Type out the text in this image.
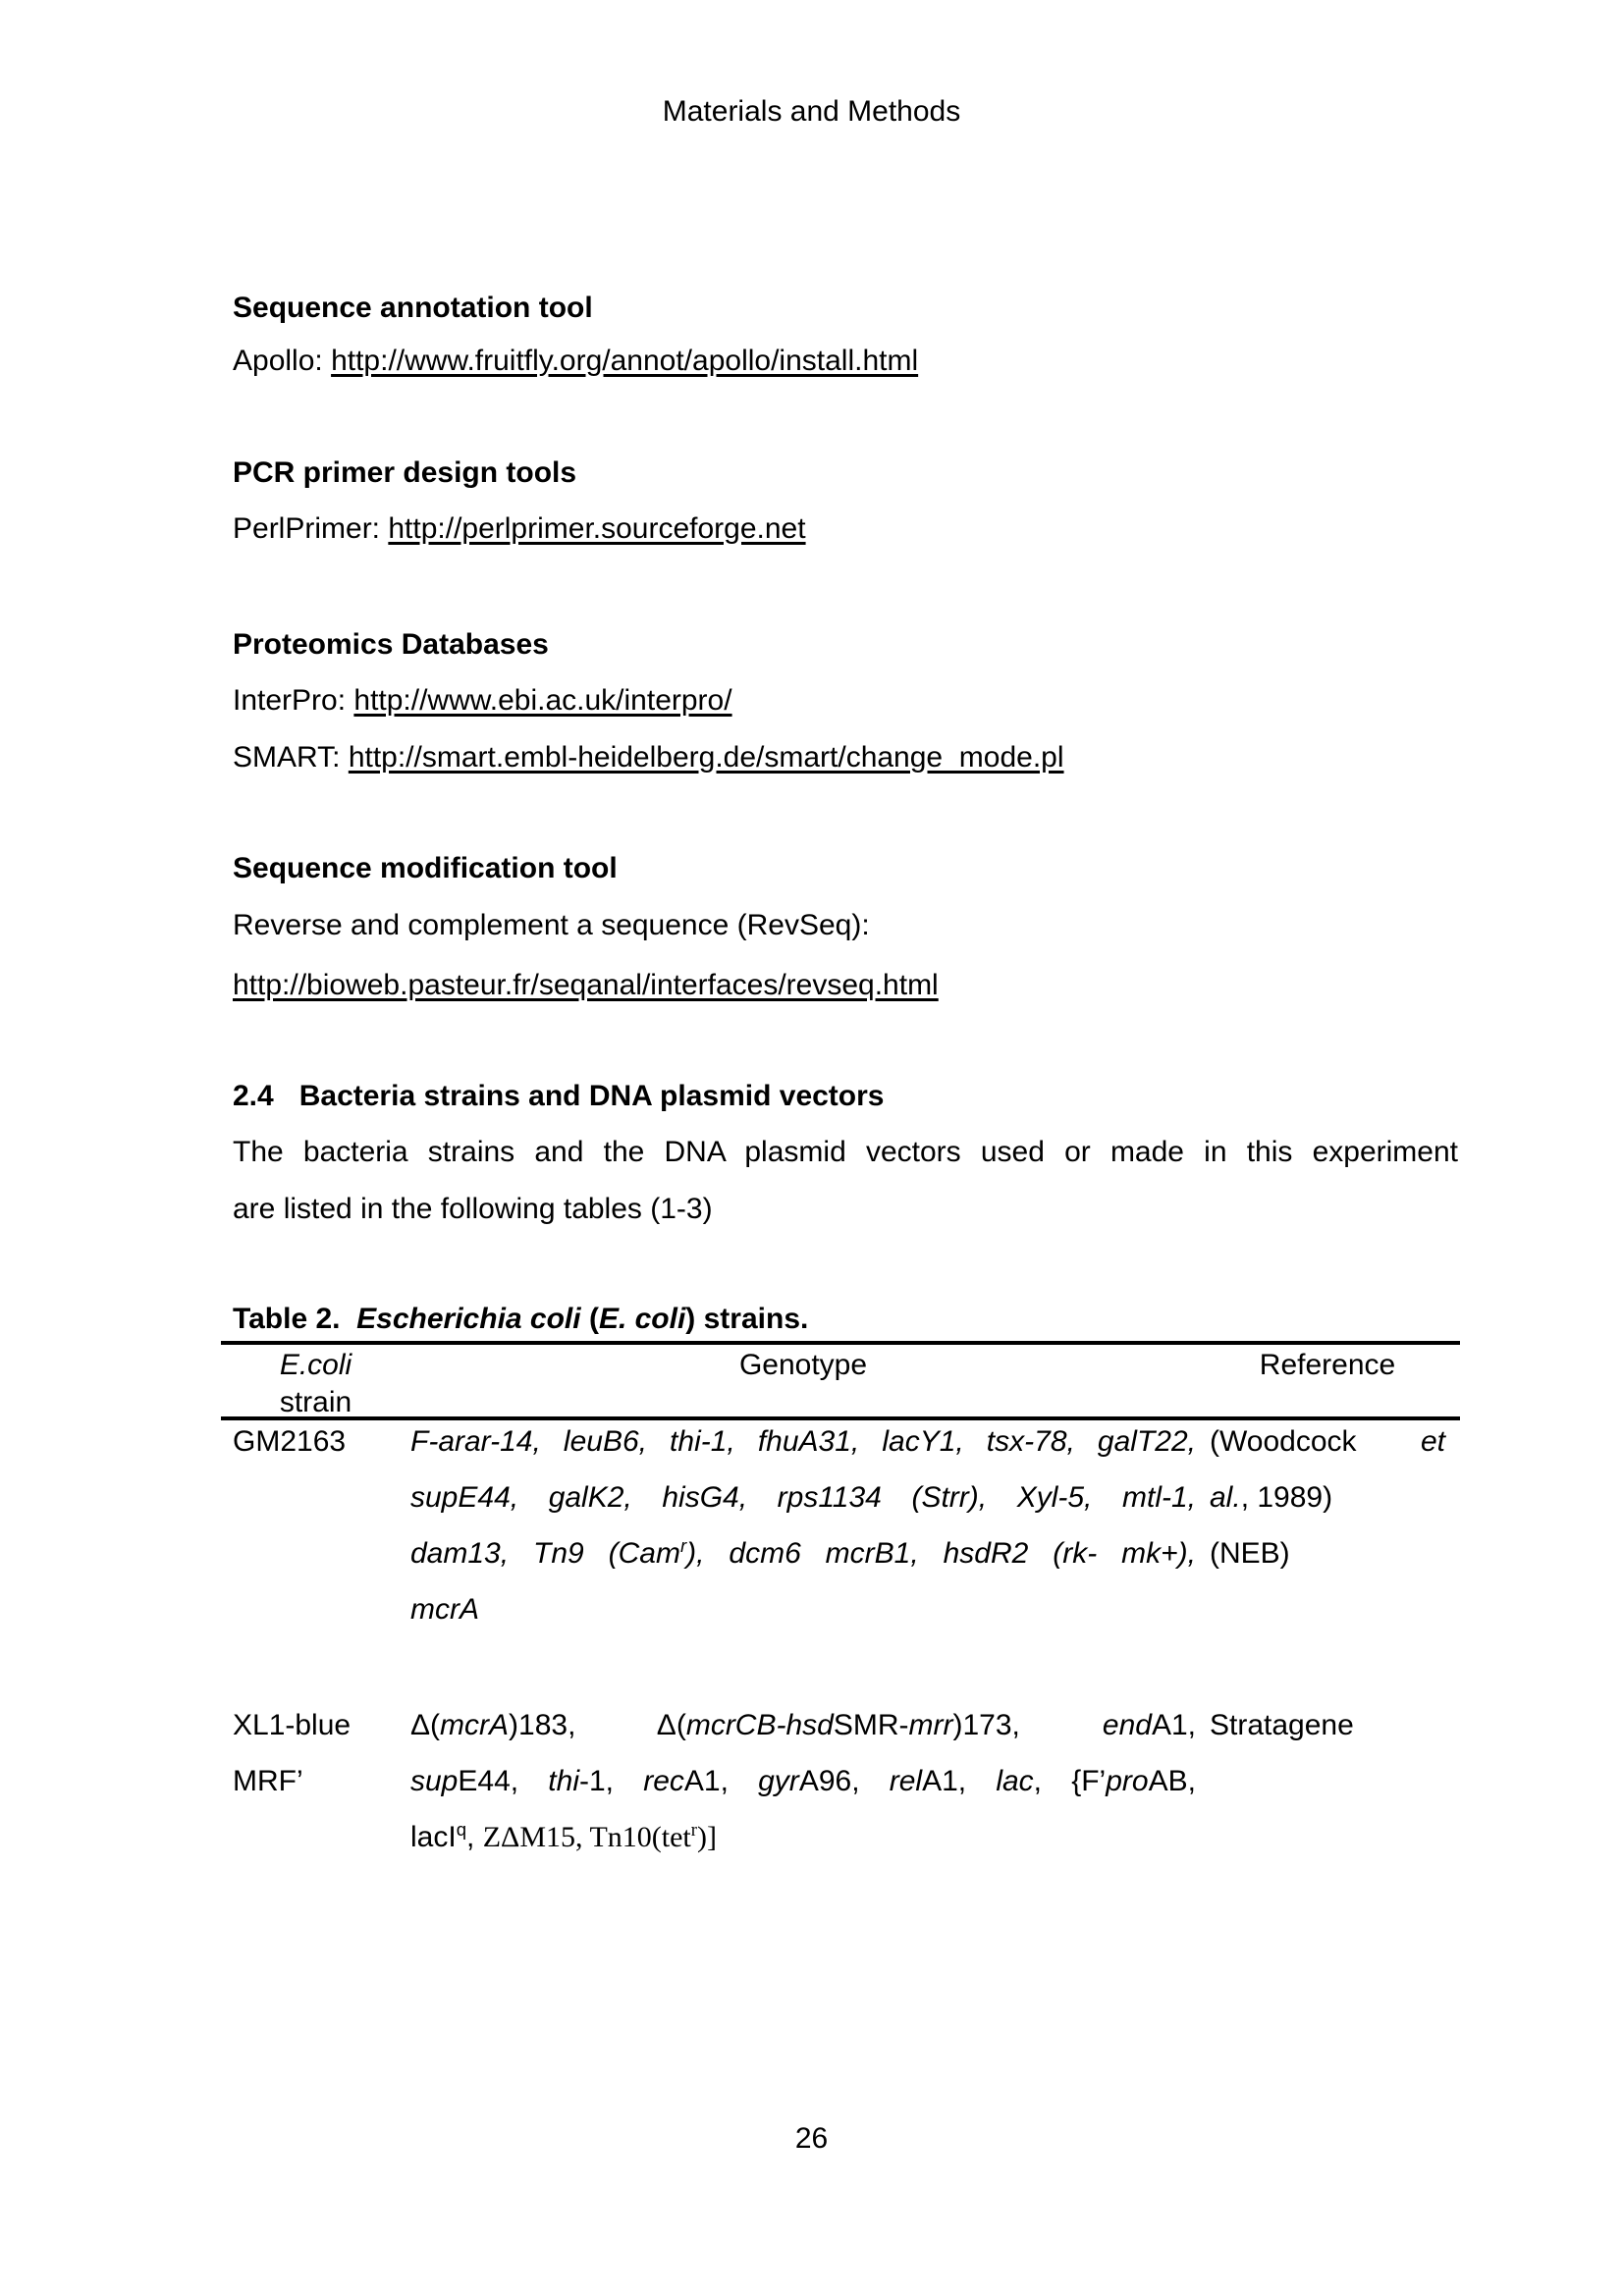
Materials and Methods
Sequence annotation tool
Apollo: http://www.fruitfly.org/annot/apollo/install.html
PCR primer design tools
PerlPrimer: http://perlprimer.sourceforge.net
Proteomics Databases
InterPro: http://www.ebi.ac.uk/interpro/
SMART: http://smart.embl-heidelberg.de/smart/change_mode.pl
Sequence modification tool
Reverse and complement a sequence (RevSeq):
http://bioweb.pasteur.fr/seqanal/interfaces/revseq.html
2.4 Bacteria strains and DNA plasmid vectors
The bacteria strains and the DNA plasmid vectors used or made in this experiment
are listed in the following tables (1-3)
Table 2.  Escherichia coli (E. coli) strains.
E.coli
strain
Genotype	Reference
GM2163	F-arar-14, leuB6, thi-1, fhuA31, lacY1, tsx-78, galT22,
supE44, galK2, hisG4, rps1134 (Strr), Xyl-5, mtl-1,
dam13, Tn9 (Cam$^r$), dcm6 mcrB1, hsdR2 (rk- mk+),
mcrA
(Woodcock et
al., 1989)
(NEB)
XL1-blue
MRF’
Δ(mcrA)183, Δ(mcrCB-hsdSMR-mrr)173, endA1,
supE44, thi-1, recA1, gyrA96, relA1, lac, {F’proAB,
lacI$^q$, ZΔM15, Tn10(tet$^r$)]
Stratagene
26
